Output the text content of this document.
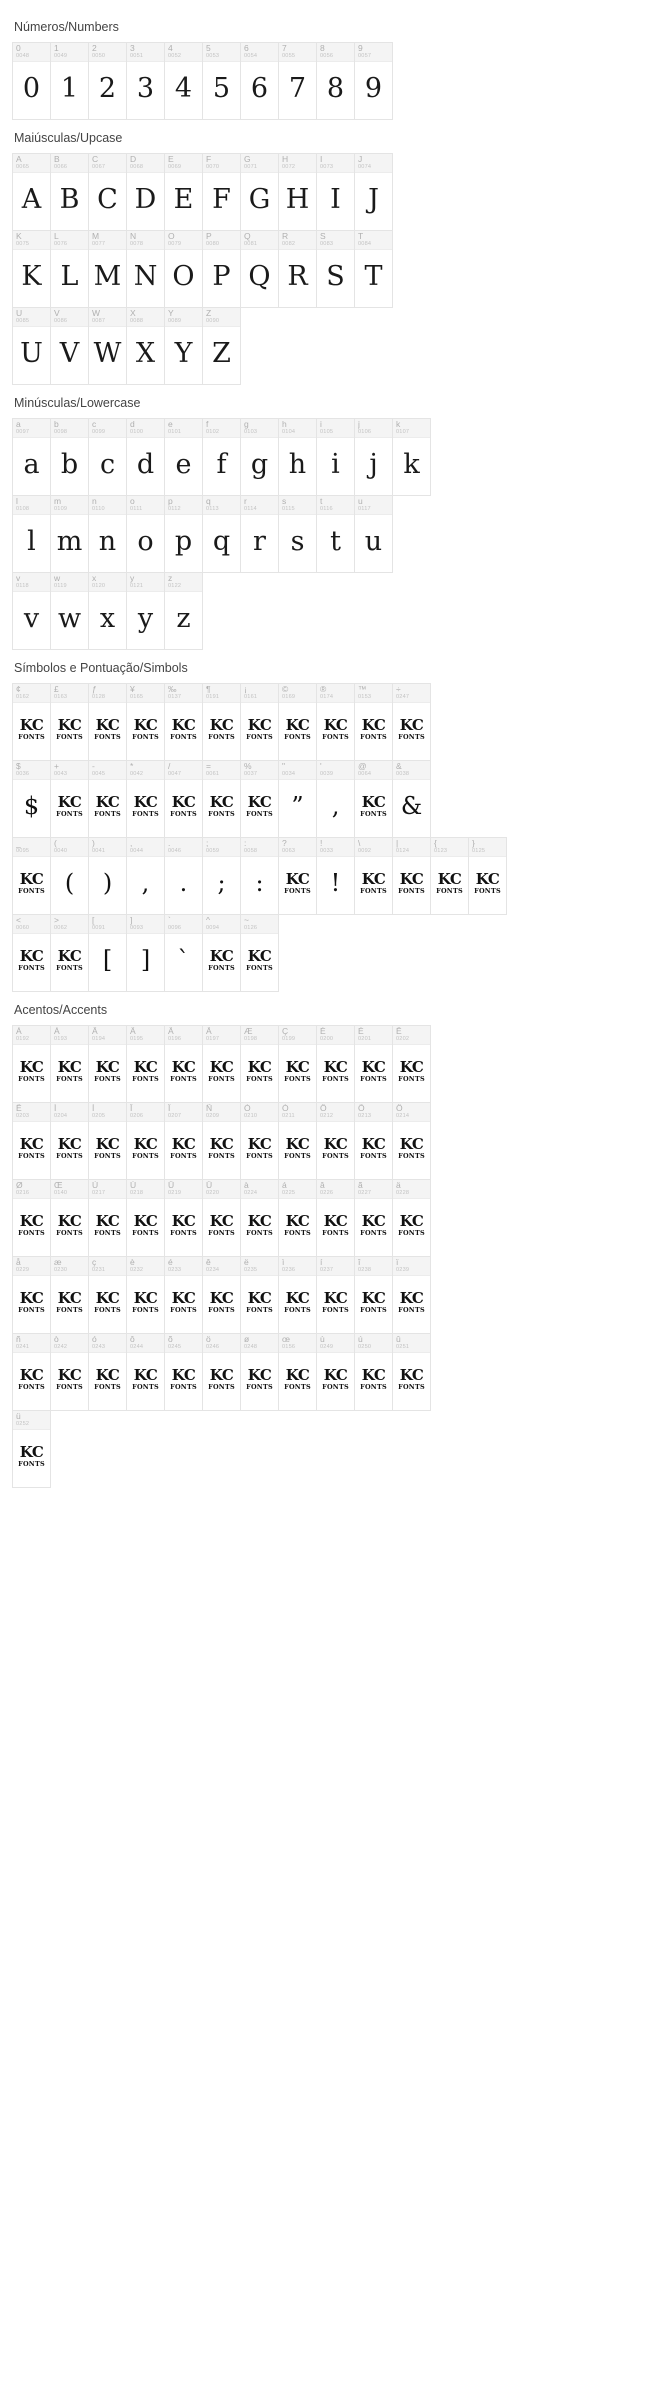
Números/Numbers
0
0048
0
1
0049
1
2
0050
2
3
0051
3
4
0052
4
5
0053
5
6
0054
6
7
0055
7
8
0056
8
9
0057
9
Maiúsculas/Upcase
A
0065
A
B
0066
B
C
0067
C
D
0068
D
E
0069
E
F
0070
F
G
0071
G
H
0072
H
I
0073
I
J
0074
J
K
0075
K
L
0076
L
M
0077
M
N
0078
N
O
0079
O
P
0080
P
Q
0081
Q
R
0082
R
S
0083
S
T
0084
T
U
0085
U
V
0086
V
W
0087
W
X
0088
X
Y
0089
Y
Z
0090
Z
Minúsculas/Lowercase
a
0097
a
b
0098
b
c
0099
c
d
0100
d
e
0101
e
f
0102
f
g
0103
g
h
0104
h
i
0105
i
j
0106
j
k
0107
k
l
0108
l
m
0109
m
n
0110
n
o
0111
o
p
0112
p
q
0113
q
r
0114
r
s
0115
s
t
0116
t
u
0117
u
v
0118
v
w
0119
w
x
0120
x
y
0121
y
z
0122
z
Símbolos e Pontuação/Simbols
¢
0162
KC
FONTS
£
0163
KC
FONTS
ƒ
0128
KC
FONTS
¥
0165
KC
FONTS
‰
0137
KC
FONTS
¶
0191
KC
FONTS
¡
0161
KC
FONTS
©
0169
KC
FONTS
®
0174
KC
FONTS
™
0153
KC
FONTS
÷
0247
KC
FONTS
$
0036
$
+
0043
KC
FONTS
-
0045
KC
FONTS
*
0042
KC
FONTS
/
0047
KC
FONTS
=
0061
KC
FONTS
%
0037
KC
FONTS
"
0034
”
'
0039
‚
@
0064
KC
FONTS
&
0038
&
_
0095
KC
FONTS
(
0040
(
)
0041
)
,
0044
,
.
0046
.
;
0059
;
:
0058
:
?
0063
KC
FONTS
!
0033
!
\
0092
KC
FONTS
|
0124
KC
FONTS
{
0123
KC
FONTS
}
0125
KC
FONTS
<
0060
KC
FONTS
>
0062
KC
FONTS
[
0091
[
]
0093
]
`
0096
`
^
0094
KC
FONTS
~
0126
KC
FONTS
Acentos/Accents
Á
0192
KC
FONTS
À
0193
KC
FONTS
Â
0194
KC
FONTS
Ã
0195
KC
FONTS
Ä
0196
KC
FONTS
Å
0197
KC
FONTS
Æ
0198
KC
FONTS
Ç
0199
KC
FONTS
È
0200
KC
FONTS
É
0201
KC
FONTS
Ê
0202
KC
FONTS
Ë
0203
KC
FONTS
Ì
0204
KC
FONTS
Í
0205
KC
FONTS
Î
0206
KC
FONTS
Ï
0207
KC
FONTS
Ñ
0209
KC
FONTS
Ò
0210
KC
FONTS
Ó
0211
KC
FONTS
Ô
0212
KC
FONTS
Õ
0213
KC
FONTS
Ö
0214
KC
FONTS
Ø
0216
KC
FONTS
Œ
0140
KC
FONTS
Ù
0217
KC
FONTS
Ú
0218
KC
FONTS
Û
0219
KC
FONTS
Ü
0220
KC
FONTS
à
0224
KC
FONTS
á
0225
KC
FONTS
â
0226
KC
FONTS
ã
0227
KC
FONTS
ä
0228
KC
FONTS
å
0229
KC
FONTS
æ
0230
KC
FONTS
ç
0231
KC
FONTS
è
0232
KC
FONTS
é
0233
KC
FONTS
ê
0234
KC
FONTS
ë
0235
KC
FONTS
ì
0236
KC
FONTS
í
0237
KC
FONTS
î
0238
KC
FONTS
ï
0239
KC
FONTS
ñ
0241
KC
FONTS
ò
0242
KC
FONTS
ó
0243
KC
FONTS
ô
0244
KC
FONTS
õ
0245
KC
FONTS
ö
0246
KC
FONTS
ø
0248
KC
FONTS
œ
0156
KC
FONTS
ù
0249
KC
FONTS
ú
0250
KC
FONTS
û
0251
KC
FONTS
ü
0252
KC
FONTS
